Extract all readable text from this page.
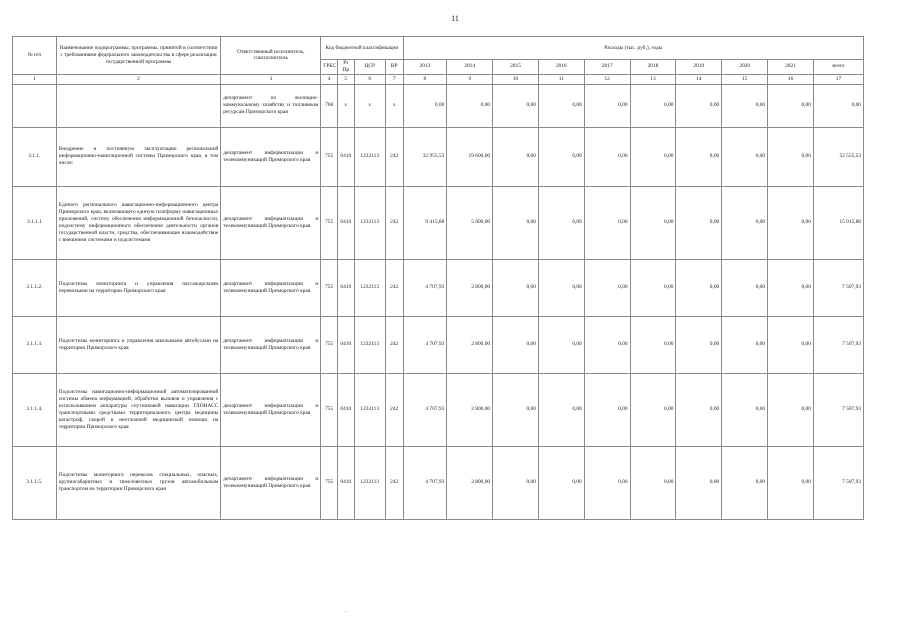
11
№ п/п	Наименование подпрограммы, программы, принятой в соответствии с требованиями федерального законодательства в сфере реализации государственной программы	Ответственный исполнитель, соисполнитель	Код бюджетной классификации				Расходы (тыс. руб.), годы									
			ГРБС	Рз Пр	ЦСР	ВР	2013	2014	2015	2016	2017	2018	2019	2020	2021	всего
1	2	3	4	5	6	7	8	9	10	11	12	13	14	15	16	17
		департамент по жилищно-коммунальному хозяйству и топливным ресурсам Приморского края	768	х	х	х	0,00	0,00	0,00	0,00	0,00	0,00	0,00	0,00	0,00	0,00
3.1.1.	Внедрение и постоянную эксплуатацию региональной информационно-навигационной системы Приморского края, в том числе:	департамент информатизации и телекоммуникаций Приморского края	755	0410	1232113	242	32 955,53	19 600,00	0,00	0,00	0,00	0,00	0,00	0,00	0,00	52 555,53
3.1.1.1	Единого регионального навигационно-информационного центра Приморского края, включающего единую платформу навигационных приложений, систему обеспечения информационной безопасности, подсистему информационного обеспечения деятельности органов государственной власти, средства, обеспечивающие взаимодействие с внешними системами и подсистемами	департамент информатизации и телекоммуникаций Приморского края	755	0410	1232113	242	9 415,88	5 600,00	0,00	0,00	0,00	0,00	0,00	0,00	0,00	15 015,88
3.1.1.2.	Подсистемы мониторинга и управления пассажирскими перевозками на территории Приморского края	департамент информатизации и телекоммуникаций Приморского края	755	0410	1232113	242	4 707,93	2 800,00	0,00	0,00	0,00	0,00	0,00	0,00	0,00	7 507,93
3.1.1.3.	Подсистемы мониторинга и управления школьными автобусами на территории Приморского края	департамент информатизации и телекоммуникаций Приморского края	755	0410	1232113	242	4 707,93	2 800,00	0,00	0,00	0,00	0,00	0,00	0,00	0,00	7 507,93
3.1.1.4.	Подсистемы навигационно-информационной автоматизированной системы обмена информацией, обработки вызовов и управления с использованием аппаратуры спутниковой навигации ГЛОНАСС транспортными средствами территориального центра медицины катастроф, скорой и неотложной медицинской помощи на территории Приморского края	департамент информатизации и телекоммуникаций Приморского края	755	0410	1232113	242	4 707,93	2 800,00	0,00	0,00	0,00	0,00	0,00	0,00	0,00	7 507,93
3.1.1.5.	Подсистемы мониторинга перевозок специальных, опасных, крупногабаритных и тяжеловесных грузов автомобильным транспортом на территории Приморского края	департамент информатизации и телекоммуникаций Приморского края	755	0410	1232113	242	4 707,93	2 800,00	0,00	0,00	0,00	0,00	0,00	0,00	0,00	7 507,93
.
